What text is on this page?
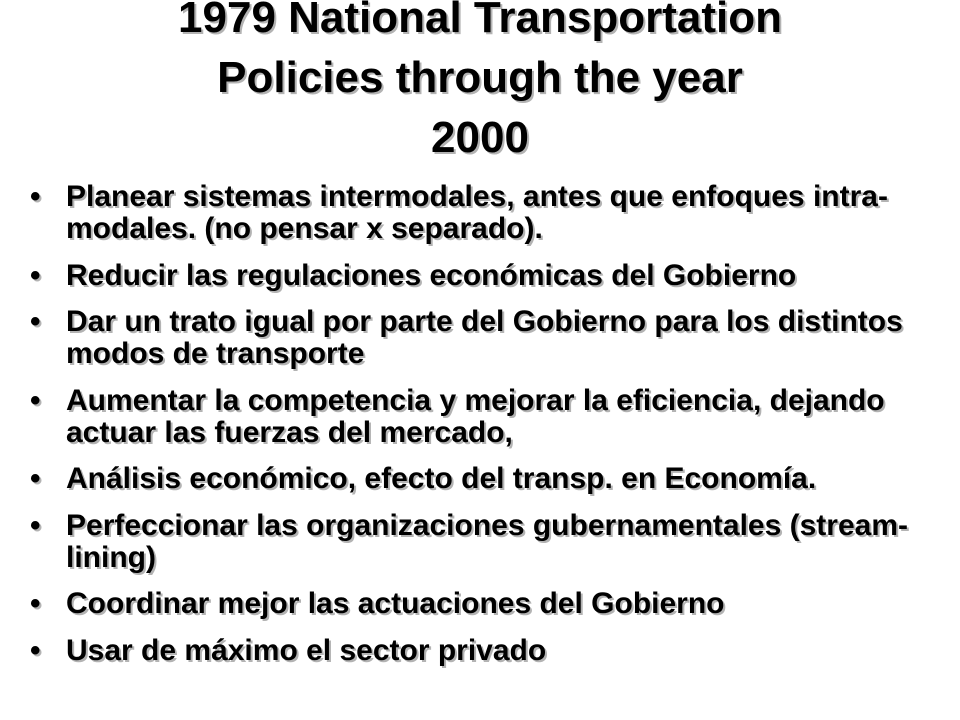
1979 National Transportation
Policies through the year
2000
• Planear sistemas intermodales, antes que enfoques intra-modales. (no pensar x separado).
• Reducir las regulaciones económicas del Gobierno
• Dar un trato igual por parte del Gobierno para los distintos modos de transporte
• Aumentar la competencia y mejorar la eficiencia, dejando actuar las fuerzas del mercado,
• Análisis económico, efecto del transp. en Economía.
• Perfeccionar las organizaciones gubernamentales (stream-lining)
• Coordinar mejor las actuaciones del Gobierno
• Usar de máximo el sector privado
